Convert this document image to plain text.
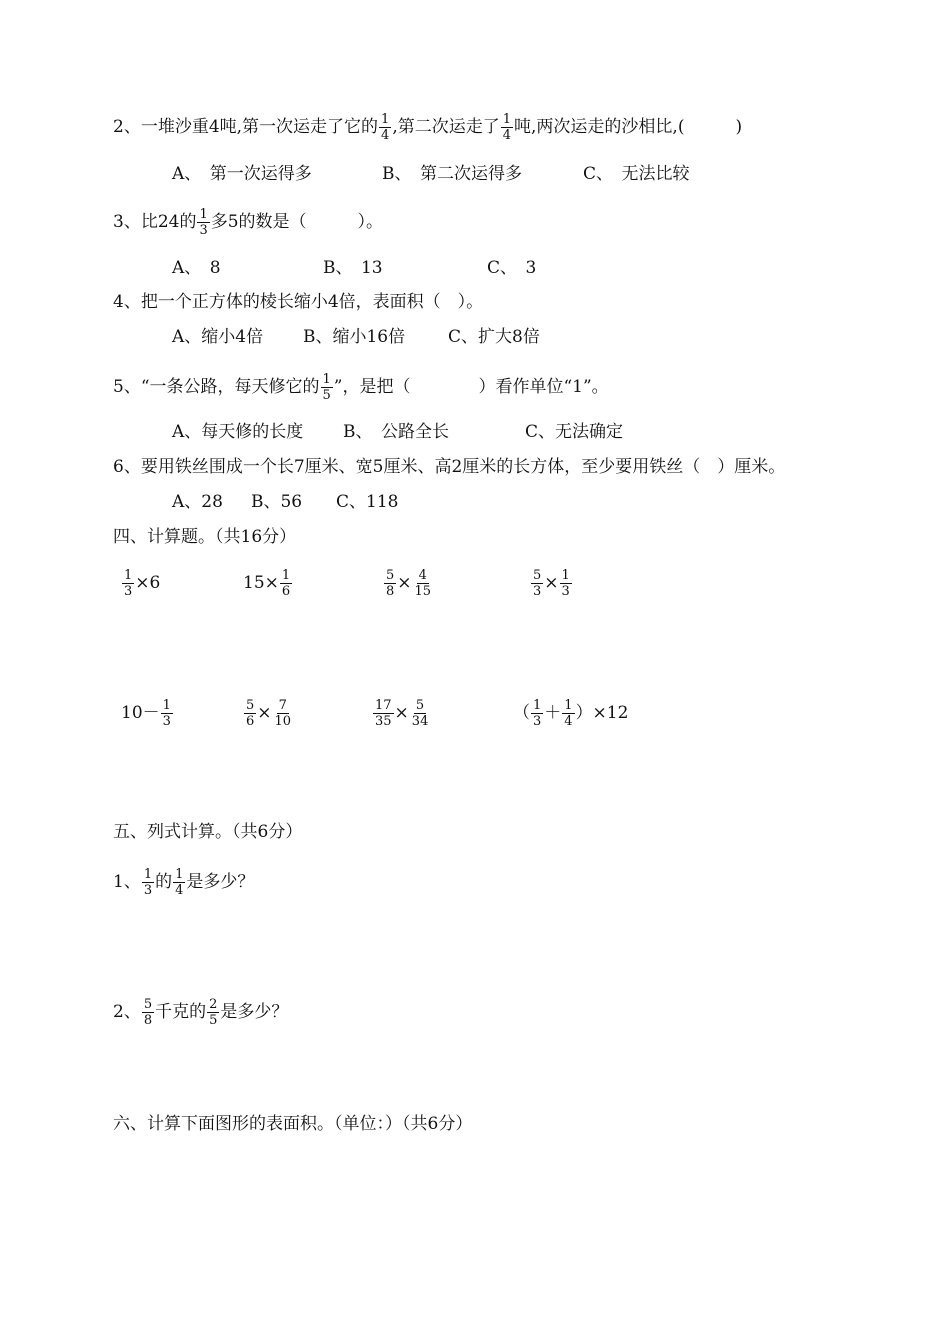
2、一堆沙重4吨,第一次运走了它的 $\frac{1}{4}$ ,第二次运走了 $\frac{1}{4}$ 吨,两次运走的沙相比,(　　　)
A、　第一次运得多	B、　第二次运得多	C、　无法比较
3、比24的 $\frac{1}{3}$ 多5的数是（　　　）。
A、　8	B、　13	C、　3
4、把一个正方体的棱长缩小4倍，表面积（　）。
A、缩小4倍 B、缩小16倍	C、扩大8倍
5、“一条公路，每天修它的 $\frac{1}{5}$ ”，是把（　　　　）看作单位“1”。
A、每天修的长度 B、　公路全长	C、无法确定
6、要用铁丝围成一个长7厘米、宽5厘米、高2厘米的长方体，至少要用铁丝（　）厘米。
A、28 B、56 C、118
四、计算题。（共16分）
$\frac{1}{3} \times 6$	$15\times \frac{1}{6}$	$\frac{5}{8} \times \frac{4}{15}$	$\frac{5}{3} \times \frac{1}{3}$
$10- \frac{1}{3}$	$\frac{5}{6} \times \frac{7}{10}$	$\frac{17}{35} \times \frac{5}{34}$	（ $\frac{1}{3} + \frac{1}{4} )\times 12$
五、列式计算。（共6分）
1、 $\frac{1}{3}$ 的 $\frac{1}{4}$ 是多少？
2、 $\frac{5}{8}$ 千克的 $\frac{2}{5}$ 是多少？
六、计算下面图形的表面积。（单位：）（共6分）
